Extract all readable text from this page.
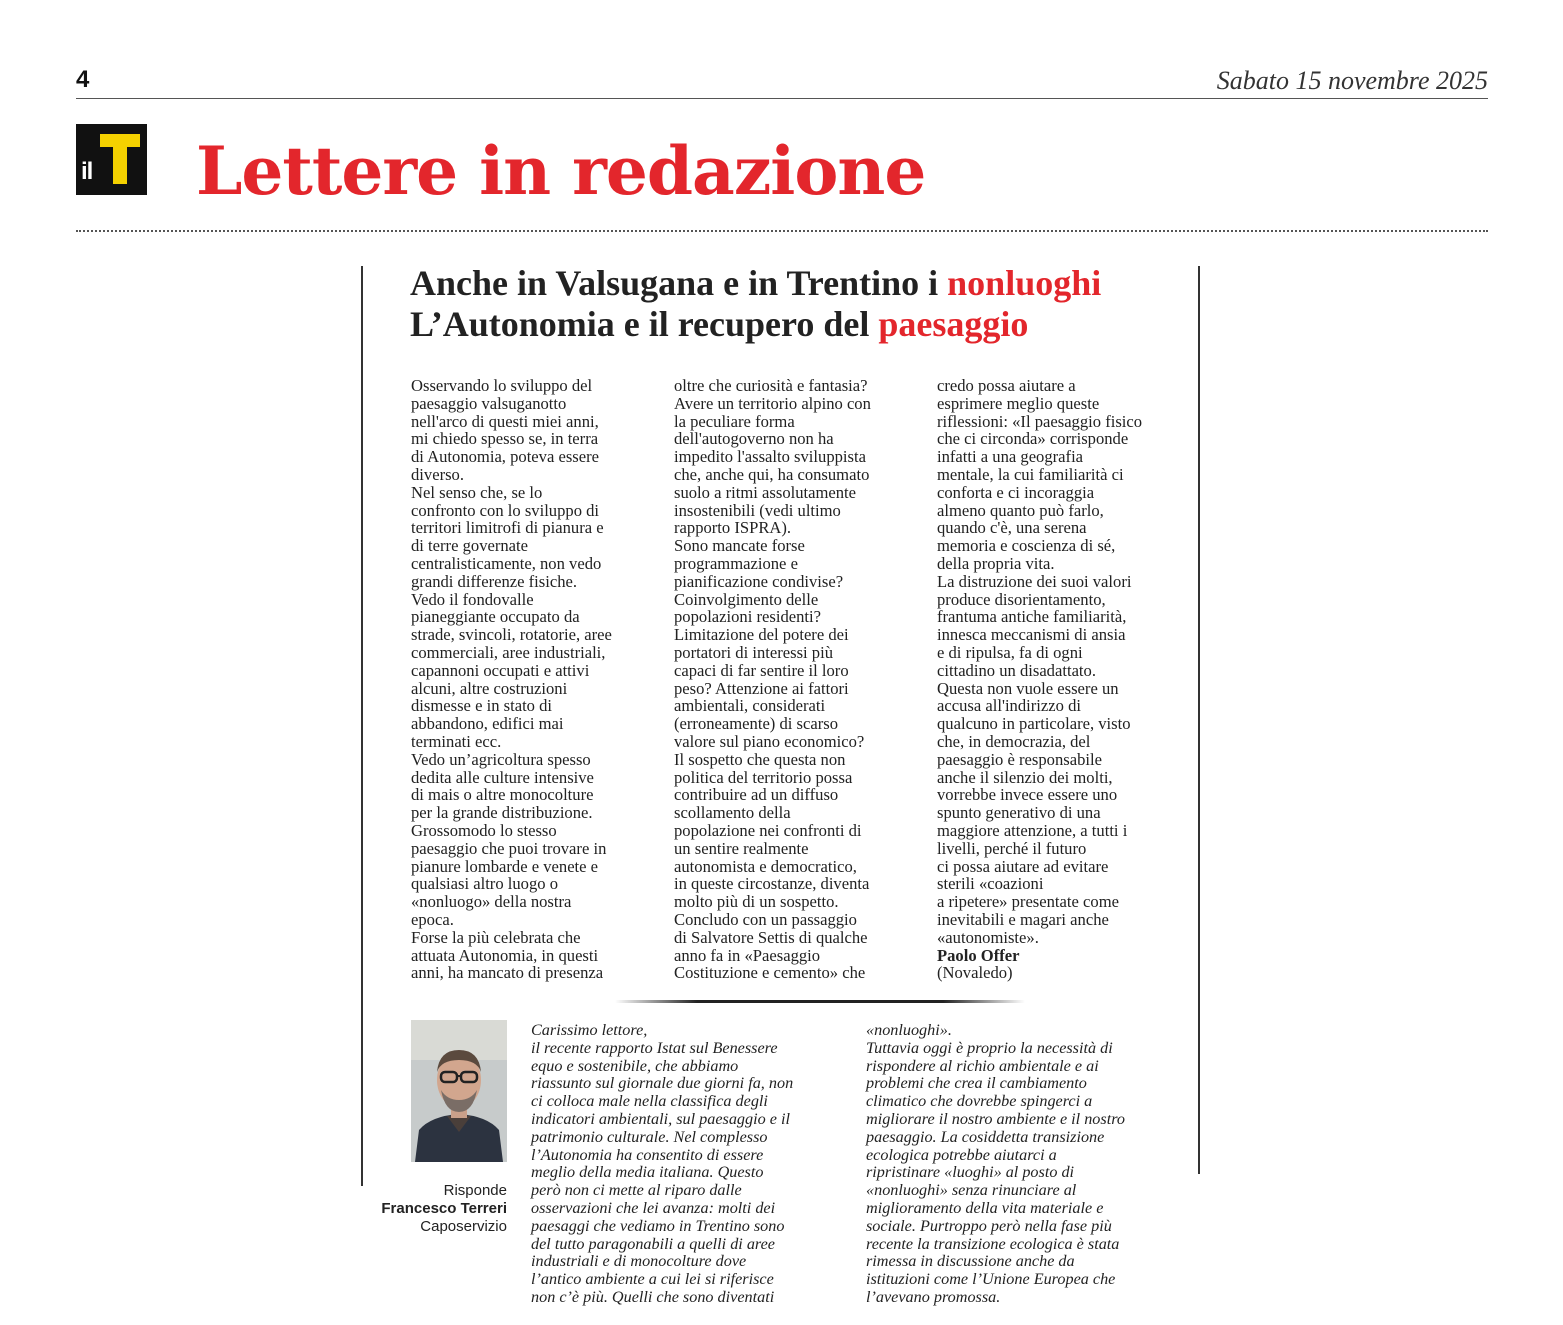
4	Sabato 15 novembre 2025
il Lettere in redazione
Anche in Valsugana e in Trentino i nonluoghi
L’Autonomia e il recupero del paesaggio
Osservando lo sviluppo del
paesaggio valsuganotto
nell'arco di questi miei anni,
mi chiedo spesso se, in terra
di Autonomia, poteva essere
diverso.
Nel senso che, se lo
confronto con lo sviluppo di
territori limitrofi di pianura e
di terre governate
centralisticamente, non vedo
grandi differenze fisiche.
Vedo il fondovalle
pianeggiante occupato da
strade, svincoli, rotatorie, aree
commerciali, aree industriali,
capannoni occupati e attivi
alcuni, altre costruzioni
dismesse e in stato di
abbandono, edifici mai
terminati ecc.
Vedo un’agricoltura spesso
dedita alle culture intensive
di mais o altre monocolture
per la grande distribuzione.
Grossomodo lo stesso
paesaggio che puoi trovare in
pianure lombarde e venete e
qualsiasi altro luogo o
«nonluogo» della nostra
epoca.
Forse la più celebrata che
attuata Autonomia, in questi
anni, ha mancato di presenza
oltre che curiosità e fantasia?
Avere un territorio alpino con
la peculiare forma
dell'autogoverno non ha
impedito l'assalto sviluppista
che, anche qui, ha consumato
suolo a ritmi assolutamente
insostenibili (vedi ultimo
rapporto ISPRA).
Sono mancate forse
programmazione e
pianificazione condivise?
Coinvolgimento delle
popolazioni residenti?
Limitazione del potere dei
portatori di interessi più
capaci di far sentire il loro
peso? Attenzione ai fattori
ambientali, considerati
(erroneamente) di scarso
valore sul piano economico?
Il sospetto che questa non
politica del territorio possa
contribuire ad un diffuso
scollamento della
popolazione nei confronti di
un sentire realmente
autonomista e democratico,
in queste circostanze, diventa
molto più di un sospetto.
Concludo con un passaggio
di Salvatore Settis di qualche
anno fa in «Paesaggio
Costituzione e cemento» che
credo possa aiutare a
esprimere meglio queste
riflessioni: «Il paesaggio fisico
che ci circonda» corrisponde
infatti a una geografia
mentale, la cui familiarità ci
conforta e ci incoraggia
almeno quanto può farlo,
quando c'è, una serena
memoria e coscienza di sé,
della propria vita.
La distruzione dei suoi valori
produce disorientamento,
frantuma antiche familiarità,
innesca meccanismi di ansia
e di ripulsa, fa di ogni
cittadino un disadattato.
Questa non vuole essere un
accusa all'indirizzo di
qualcuno in particolare, visto
che, in democrazia, del
paesaggio è responsabile
anche il silenzio dei molti,
vorrebbe invece essere uno
spunto generativo di una
maggiore attenzione, a tutti i
livelli, perché il futuro
ci possa aiutare ad evitare
sterili «coazioni
a ripetere» presentate come
inevitabili e magari anche
«autonomiste».
Paolo Offer
(Novaledo)
Risponde
Francesco Terreri
Caposervizio
Carissimo lettore,
il recente rapporto Istat sul Benessere
equo e sostenibile, che abbiamo
riassunto sul giornale due giorni fa, non
ci colloca male nella classifica degli
indicatori ambientali, sul paesaggio e il
patrimonio culturale. Nel complesso
l’Autonomia ha consentito di essere
meglio della media italiana. Questo
però non ci mette al riparo dalle
osservazioni che lei avanza: molti dei
paesaggi che vediamo in Trentino sono
del tutto paragonabili a quelli di aree
industriali e di monocolture dove
l’antico ambiente a cui lei si riferisce
non c’è più. Quelli che sono diventati
«nonluoghi».
Tuttavia oggi è proprio la necessità di
rispondere al richio ambientale e ai
problemi che crea il cambiamento
climatico che dovrebbe spingerci a
migliorare il nostro ambiente e il nostro
paesaggio. La cosiddetta transizione
ecologica potrebbe aiutarci a
ripristinare «luoghi» al posto di
«nonluoghi» senza rinunciare al
miglioramento della vita materiale e
sociale. Purtroppo però nella fase più
recente la transizione ecologica è stata
rimessa in discussione anche da
istituzioni come l’Unione Europea che
l’avevano promossa.
